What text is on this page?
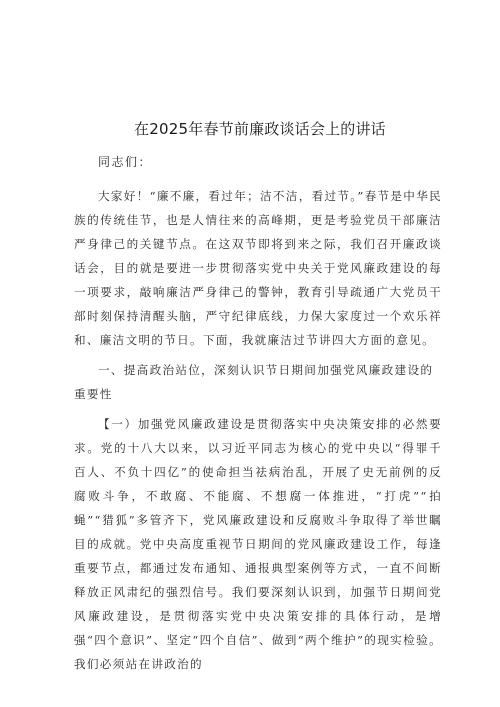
在2025年春节前廉政谈话会上的讲话

同志们：

大家好！“廉不廉，看过年；洁不洁，看过节。”春节是中华民族的传统佳节，也是人情往来的高峰期，更是考验党员干部廉洁严身律己的关键节点。在这双节即将到来之际，我们召开廉政谈话会，目的就是要进一步贯彻落实党中央关于党风廉政建设的每一项要求，敲响廉洁严身律己的警钟，教育引导疏通广大党员干部时刻保持清醒头脑，严守纪律底线，力保大家度过一个欢乐祥和、廉洁文明的节日。下面，我就廉洁过节讲四大方面的意见。

一、提高政治站位，深刻认识节日期间加强党风廉政建设的重要性

【一）加强党风廉政建设是贯彻落实中央决策安排的必然要求。党的十八大以来，以习近平同志为核心的党中央以“得罪千百人、不负十四亿”的使命担当祛病治乱，开展了史无前例的反腐败斗争，不敢腐、不能腐、不想腐一体推进，“打虎”“拍蝇”“猎狐”多管齐下，党风廉政建设和反腐败斗争取得了举世瞩目的成就。党中央高度重视节日期间的党风廉政建设工作，每逢重要节点，都通过发布通知、通报典型案例等方式，一直不间断释放正风肃纪的强烈信号。我们要深刻认识到，加强节日期间党风廉政建设，是贯彻落实党中央决策安排的具体行动，是增强“四个意识”、坚定“四个自信”、做到“两个维护”的现实检验。我们必须站在讲政治的
